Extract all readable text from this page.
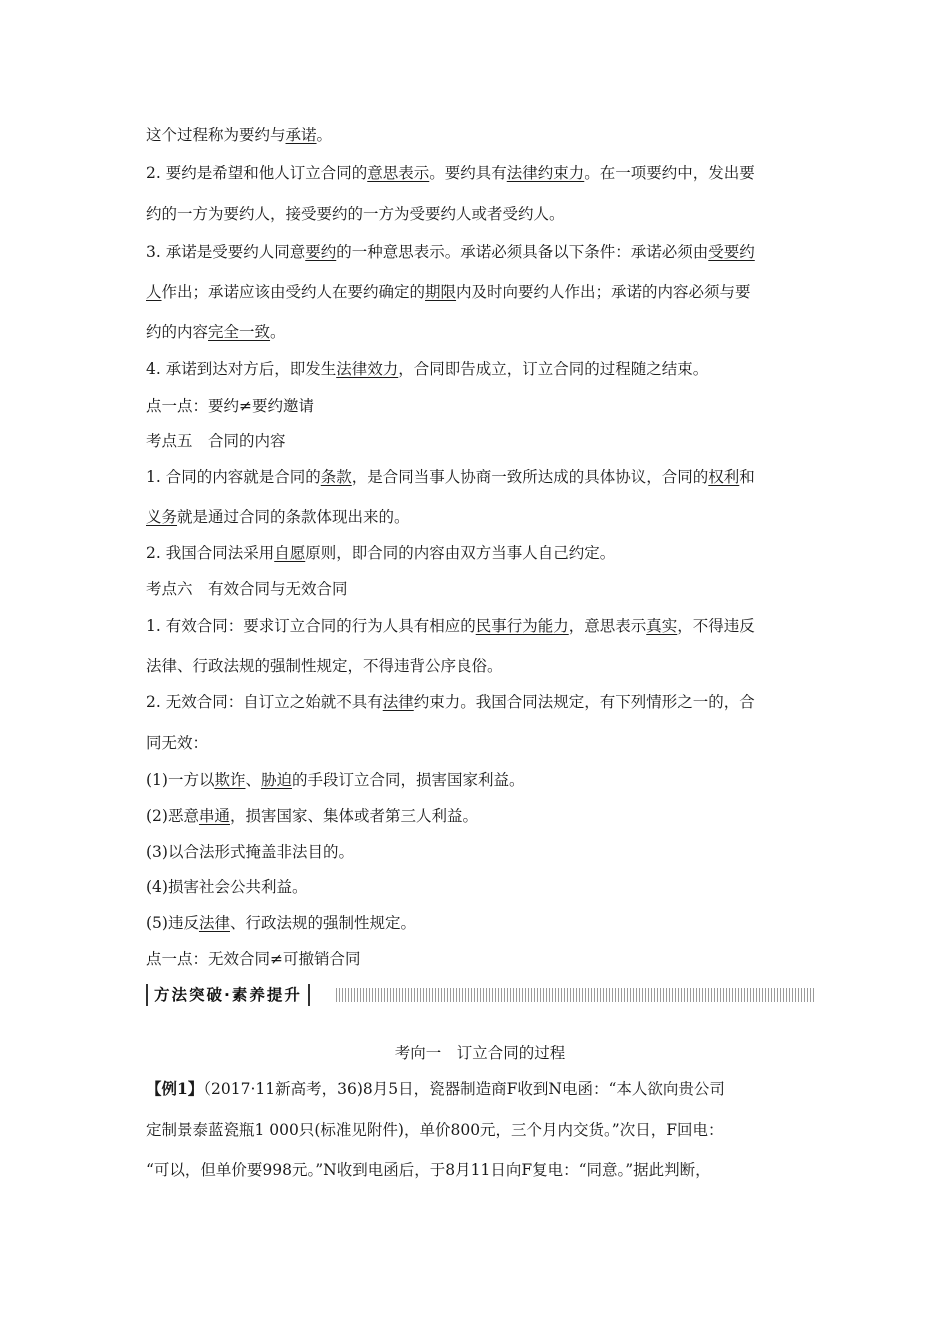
这个过程称为要约与承诺。
2. 要约是希望和他人订立合同的意思表示。要约具有法律约束力。在一项要约中，发出要
约的一方为要约人，接受要约的一方为受要约人或者受约人。
3. 承诺是受要约人同意要约的一种意思表示。承诺必须具备以下条件：承诺必须由受要约
人作出；承诺应该由受约人在要约确定的期限内及时向要约人作出；承诺的内容必须与要
约的内容完全一致。
4. 承诺到达对方后，即发生法律效力，合同即告成立，订立合同的过程随之结束。
点一点：要约≠要约邀请
考点五　合同的内容
1. 合同的内容就是合同的条款，是合同当事人协商一致所达成的具体协议，合同的权利和
义务就是通过合同的条款体现出来的。
2. 我国合同法采用自愿原则，即合同的内容由双方当事人自己约定。
考点六　有效合同与无效合同
1. 有效合同：要求订立合同的行为人具有相应的民事行为能力，意思表示真实，不得违反
法律、行政法规的强制性规定，不得违背公序良俗。
2. 无效合同：自订立之始就不具有法律约束力。我国合同法规定，有下列情形之一的，合
同无效：
(1)一方以欺诈、胁迫的手段订立合同，损害国家利益。
(2)恶意串通，损害国家、集体或者第三人利益。
(3)以合法形式掩盖非法目的。
(4)损害社会公共利益。
(5)违反法律、行政法规的强制性规定。
点一点：无效合同≠可撤销合同
方法突破·素养提升
考向一　订立合同的过程
【例1】（2017·11新高考，36)8月5日，瓷器制造商F收到N电函：“本人欲向贵公司
定制景泰蓝瓷瓶1 000只(标准见附件)，单价800元，三个月内交货。”次日，F回电：
“可以，但单价要998元。”N收到电函后，于8月11日向F复电：“同意。”据此判断，
